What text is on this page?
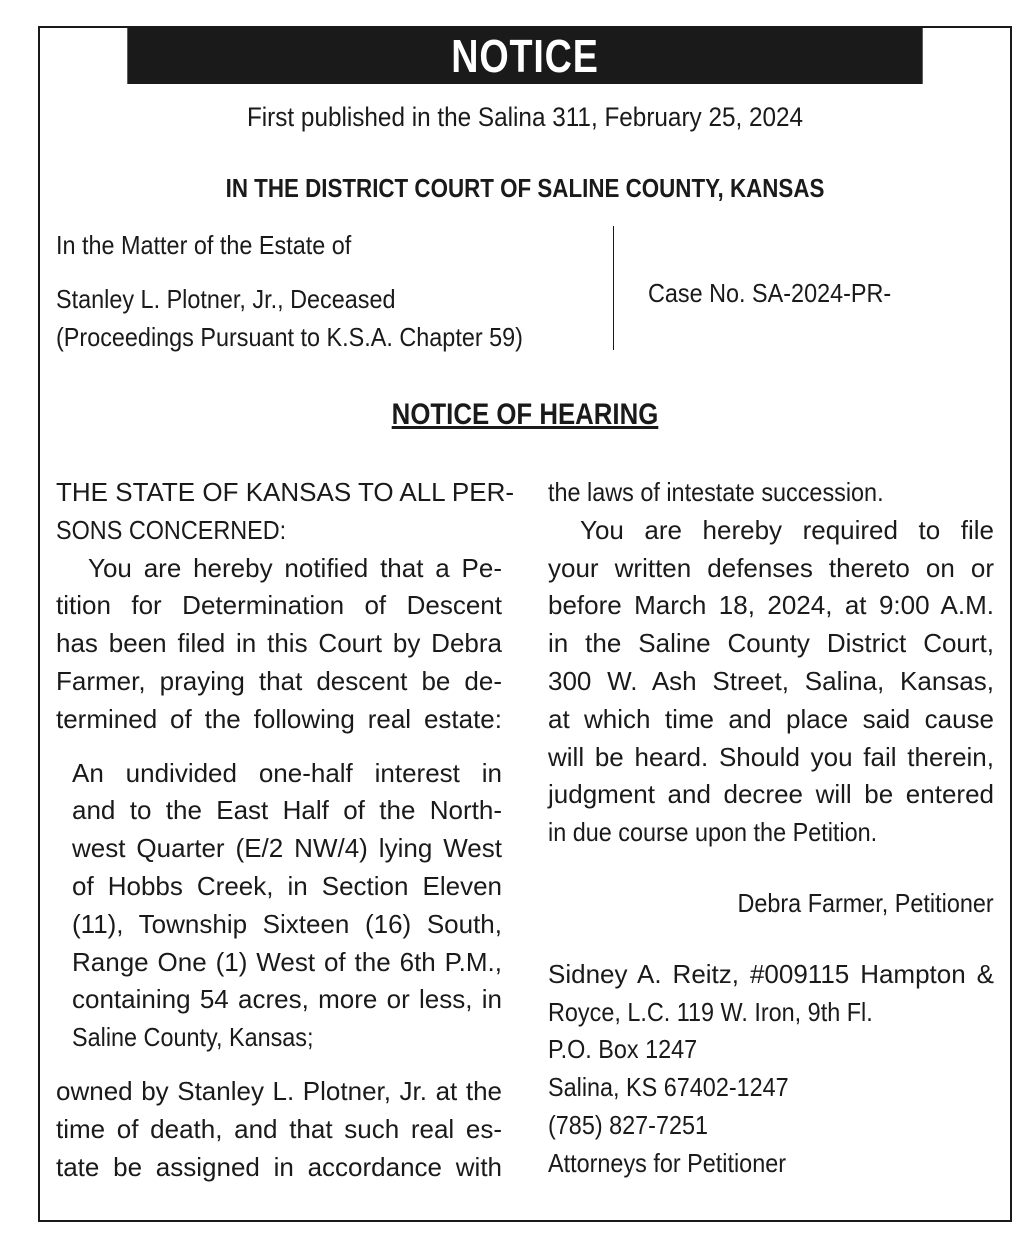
NOTICE
First published in the Salina 311, February 25, 2024
IN THE DISTRICT COURT OF SALINE COUNTY, KANSAS

In the Matter of the Estate of

Stanley L. Plotner, Jr., Deceased

(Proceedings Pursuant to K.S.A. Chapter 59)

Case No. SA-2024-PR-
NOTICE OF HEARING
THE STATE OF KANSAS TO ALL PER-
SONS CONCERNED:
You are hereby notified that a Pe-
tition for Determination of Descent
has been filed in this Court by Debra
Farmer, praying that descent be de-
termined of the following real estate:
An undivided one-half interest in
and to the East Half of the North-
west Quarter (E/2 NW/4) lying West
of Hobbs Creek, in Section Eleven
(11), Township Sixteen (16) South,
Range One (1) West of the 6th P.M.,
containing 54 acres, more or less, in
Saline County, Kansas;
owned by Stanley L. Plotner, Jr. at the
time of death, and that such real es-
tate be assigned in accordance with
the laws of intestate succession.
You are hereby required to file
your written defenses thereto on or
before March 18, 2024, at 9:00 A.M.
in the Saline County District Court,
300 W. Ash Street, Salina, Kansas,
at which time and place said cause
will be heard. Should you fail therein,
judgment and decree will be entered
in due course upon the Petition.
Debra Farmer, Petitioner
Sidney A. Reitz, #009115 Hampton &
Royce, L.C. 119 W. Iron, 9th Fl.
P.O. Box 1247
Salina, KS 67402-1247
(785) 827-7251
Attorneys for Petitioner
